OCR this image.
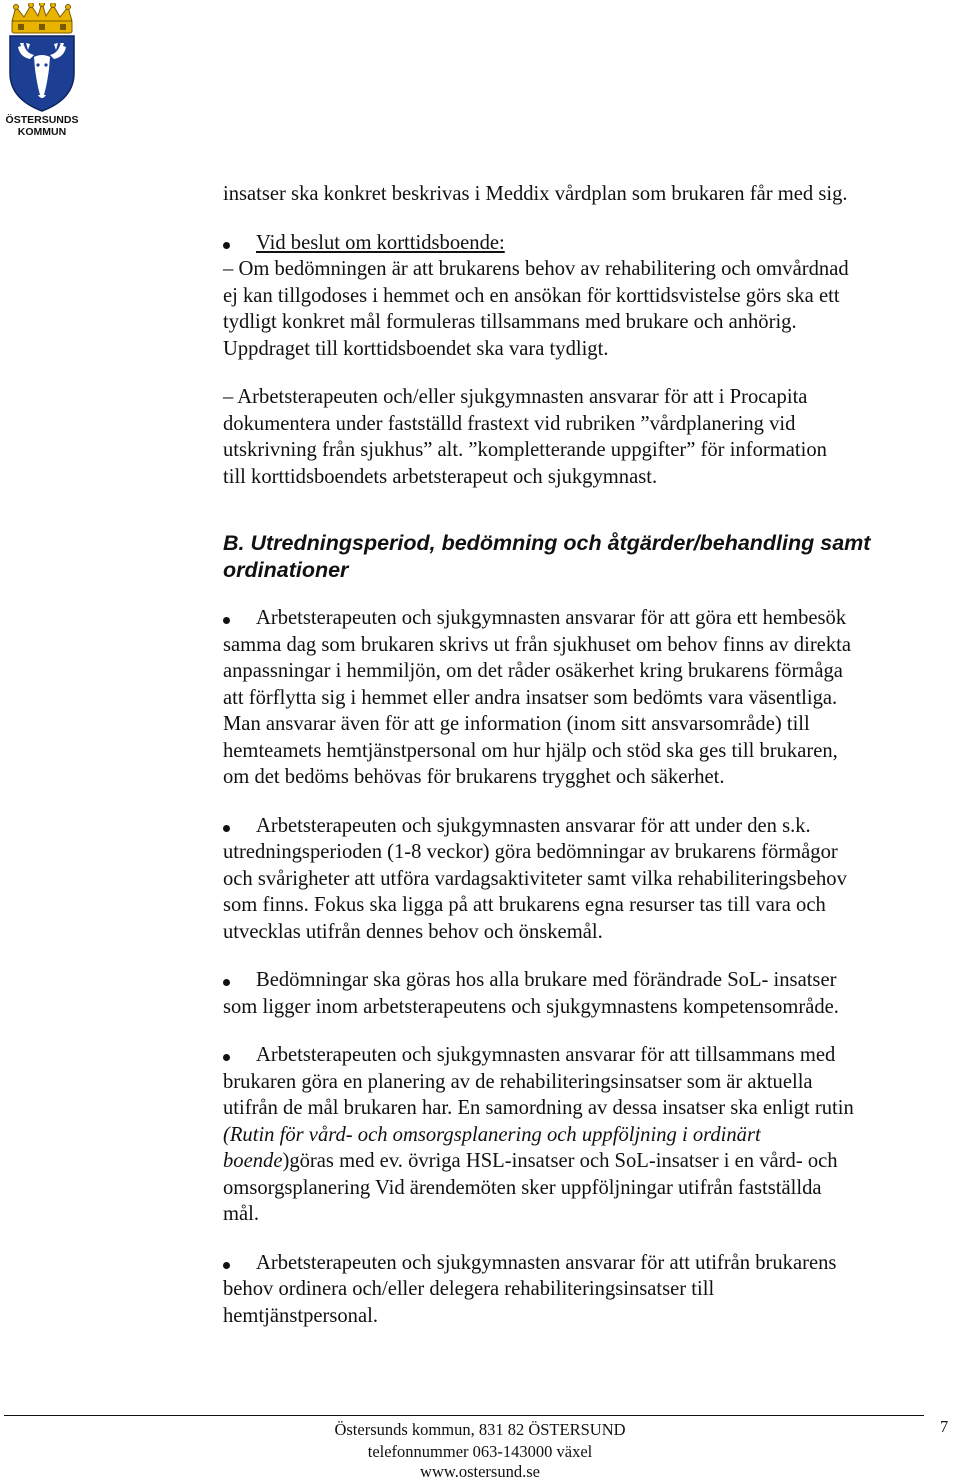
ÖSTERSUNDS
KOMMUN

insatser ska konkret beskrivas i Meddix vårdplan som brukaren får med sig.

Vid beslut om korttidsboende:

– Om bedömningen är att brukarens behov av rehabilitering och omvårdnad

ej kan tillgodoses i hemmet och en ansökan för korttidsvistelse görs ska ett

tydligt konkret mål formuleras tillsammans med brukare och anhörig.

Uppdraget till korttidsboendet ska vara tydligt.

– Arbetsterapeuten och/eller sjukgymnasten ansvarar för att i Procapita

dokumentera under fastställd frastext vid rubriken ”vårdplanering vid

utskrivning från sjukhus” alt. ”kompletterande uppgifter” för information

till korttidsboendets arbetsterapeut och sjukgymnast.

B. Utredningsperiod, bedömning och åtgärder/behandling samt

ordinationer

Arbetsterapeuten och sjukgymnasten ansvarar för att göra ett hembesök

samma dag som brukaren skrivs ut från sjukhuset om behov finns av direkta

anpassningar i hemmiljön, om det råder osäkerhet kring brukarens förmåga

att förflytta sig i hemmet eller andra insatser som bedömts vara väsentliga.

Man ansvarar även för att ge information (inom sitt ansvarsområde) till

hemteamets hemtjänstpersonal om hur hjälp och stöd ska ges till brukaren,

om det bedöms behövas för brukarens trygghet och säkerhet.

Arbetsterapeuten och sjukgymnasten ansvarar för att under den s.k.

utredningsperioden (1-8 veckor) göra bedömningar av brukarens förmågor

och svårigheter att utföra vardagsaktiviteter samt vilka rehabiliteringsbehov

som finns. Fokus ska ligga på att brukarens egna resurser tas till vara och

utvecklas utifrån dennes behov och önskemål.

Bedömningar ska göras hos alla brukare med förändrade SoL- insatser

som ligger inom arbetsterapeutens och sjukgymnastens kompetensområde.

Arbetsterapeuten och sjukgymnasten ansvarar för att tillsammans med

brukaren göra en planering av de rehabiliteringsinsatser som är aktuella

utifrån de mål brukaren har. En samordning av dessa insatser ska enligt rutin

(Rutin för vård- och omsorgsplanering och uppföljning i ordinärt

boende)göras med ev. övriga HSL-insatser och SoL-insatser i en vård- och

omsorgsplanering Vid ärendemöten sker uppföljningar utifrån fastställda

mål.

Arbetsterapeuten och sjukgymnasten ansvarar för att utifrån brukarens

behov ordinera och/eller delegera rehabiliteringsinsatser till

hemtjänstpersonal.

Östersunds kommun, 831 82 ÖSTERSUND
telefonnummer 063-143000 växel
www.ostersund.se
7
